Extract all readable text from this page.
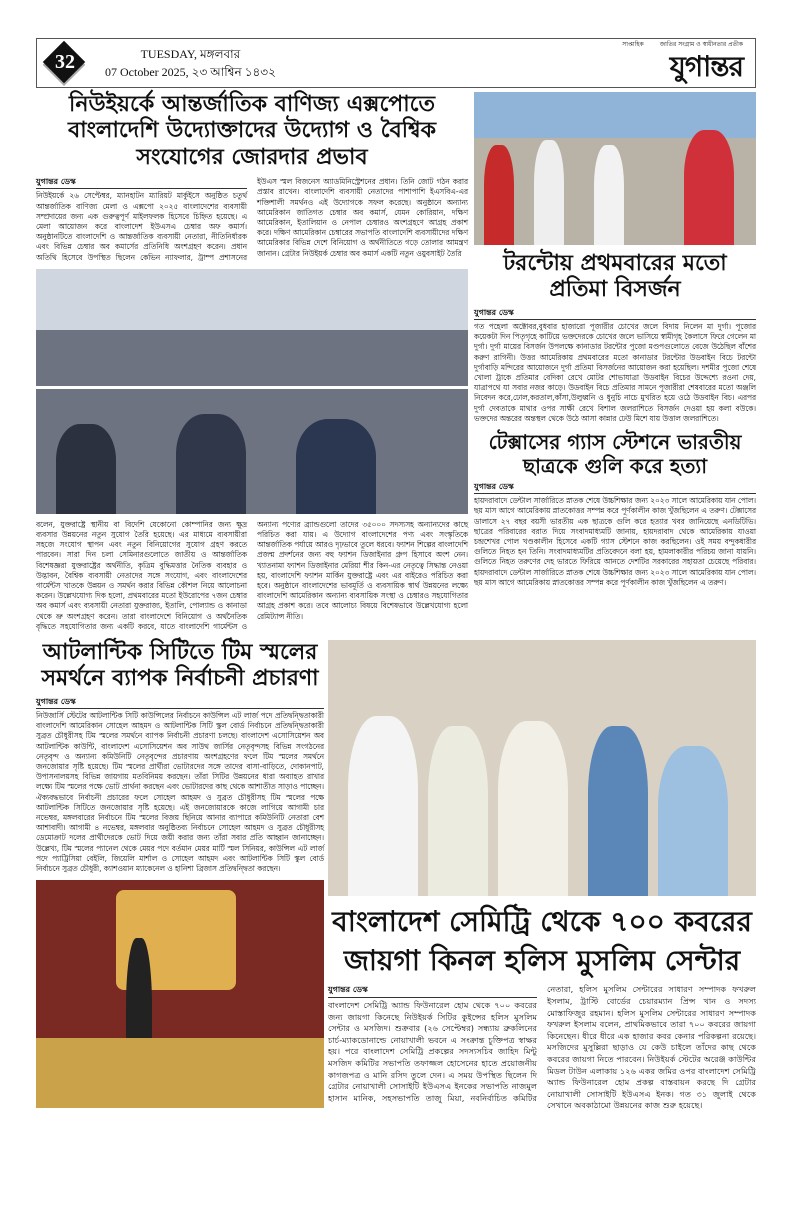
32	TUESDAY, মঙ্গলবার
07 October 2025, ২৩ আশ্বিন ১৪৩২
সাপ্তাহিক	জাতির সংগ্রাম ও স্বাধীনতার প্রতীক
যুগান্তর
নিউইয়র্কে আন্তর্জাতিক বাণিজ্য এক্সপোতে বাংলাদেশি উদ্যোক্তাদের উদ্যোগ ও বৈশ্বিক সংযোগের জোরদার প্রভাব
যুগান্তর ডেস্ক

নিউইয়র্কে ২৬ সেপ্টেম্বর, ম্যানহাটন ম্যারিয়ট মার্কুইসে অনুষ্ঠিত চতুর্থ আন্তর্জাতিক বাণিজ্য মেলা ও এক্সপো ২০২৫ বাংলাদেশের ব্যবসায়ী সম্প্রদায়ের জন্য এক গুরুত্বপূর্ণ মাইলফলক হিসেবে চিহ্নিত হয়েছে। এ মেলা আয়োজন করে বাংলাদেশ ইউএসএ চেম্বার অফ কমার্স। অনুষ্ঠানটিতে বাংলাদেশি ও আন্তর্জাতিক ব্যবসায়ী নেতারা, নীতিনির্ধারক এবং বিভিন্ন চেম্বার অব কমার্সের প্রতিনিধি অংশগ্রহণ করেন। প্রধান অতিথি হিসেবে উপস্থিত ছিলেন কেভিন ন্যাফলার, ট্রাম্প প্রশাসনের ইউএস স্মল বিজনেস অ্যাডমিনিস্ট্রেশনের প্রধান। তিনি জোট গঠন করার প্রস্তাব রাখেন। বাংলাদেশি ব্যবসায়ী নেতাদের পাশাপাশি ইএসবিএ-এর শক্তিশালী সমর্থনও এই উদ্যোগকে সফল করেছে। অনুষ্ঠানে অন্যান্য আমেরিকান জাতিগত চেম্বার অব কমার্স, যেমন কোরিয়ান, দক্ষিণ আমেরিকান, ইতালিয়ান ও নেপাল চেম্বারও অংশগ্রহণে আগ্রহ প্রকাশ করে। দক্ষিণ আমেরিকান চেম্বারের সভাপতি বাংলাদেশি ব্যবসায়ীদের দক্ষিণ আমেরিকার বিভিন্ন দেশে বিনিয়োগ ও অর্থনীতিতে গড়ে তোলার আমন্ত্রণ জানান। গ্রেটার নিউইয়র্ক চেম্বার অব কমার্স একটি নতুন ওয়ুবসাইট তৈরি

বলেন, যুক্তরাষ্ট্রে স্থানীয় বা বিদেশি যেকোনো কোম্পানির জন্য ক্ষুদ্র ব্যবসার উন্নয়নের নতুন সুযোগ তৈরি হয়েছে। এর মাধ্যমে ব্যবসায়ীরা সহজে সংযোগ স্থাপন এবং নতুন বিনিয়োগের সুযোগ গ্রহণ করতে পারবেন। সারা দিন চলা সেমিনারগুলোতে জাতীয় ও আন্তর্জাতিক বিশেষজ্ঞরা যুক্তরাষ্ট্রের অর্থনীতি, কৃত্রিম বুদ্ধিমত্তার নৈতিক ব্যবহার ও উদ্ভাবন, বৈশ্বিক ব্যবসায়ী নেতাদের সঙ্গে সংযোগ, এবং বাংলাদেশের গার্মেন্টস খাতকে উন্নয়ন ও সমর্থন করার বিভিন্ন কৌশল নিয়ে আলোচনা করেন। উল্লেখযোগ্য দিক হলো, প্রথমবারের মতো ইউরোপের ৭জন চেম্বার অব কমার্স এবং ব্যবসায়ী নেতারা যুক্তরাজ্য, ইতালি, পোল্যান্ড ও কানাডা থেকে ভ্রু অংশগ্রহণ করেন। তারা বাংলাদেশে বিনিয়োগ ও অর্থনৈতিক বৃদ্ধিতে সহযোগিতার জন্য একটি করবে, যাতে বাংলাদেশি গার্মেন্টস ও অন্যান্য পণ্যের ব্র্যান্ডগুলো তাদের ৩৫০০০ সদস্যসহ অন্যান্যদের কাছে পরিচিত করা যায়। এ উদ্যোগ বাংলাদেশের পণ্য এবং সংস্কৃতিকে আন্তর্জাতিক পর্যায়ে আরও দৃঢ়ভাবে তুলে ধরবে। ফ্যাশন শিল্পের বাংলাদেশি প্রজন্ম প্রদর্শনের জন্য বহু ফ্যাশন ডিজাইনার গ্রুপ হিসাবে অংশ নেন। খ্যাতনামা ফ্যাশন ডিজাইনার মেরিয়া শীর কিন-এর নেতৃত্বে সিদ্ধান্ত নেওয়া হয়, বাংলাদেশি ফ্যাশন মার্কিন যুক্তরাষ্ট্রে এবং এর বাইরেও পরিচিত করা হবে। অনুষ্ঠানে বাংলাদেশের ভাবমূর্তি ও ব্যবসায়িক স্বার্থ উন্নয়নের লক্ষ্যে বাংলাদেশি আমেরিকান অন্যান্য ব্যবসায়িক সংস্থা ও চেম্বারও সহযোগিতার আগ্রহ প্রকাশ করে। তবে আলোচ্য বিষয়ে বিশেষভাবে উল্লেখযোগ্য হলো রেমিট্যান্স নীতি।

টরন্টোয় প্রথমবারের মতো প্রতিমা বিসর্জন
যুগান্তর ডেস্ক

গত পহেলা অক্টোবর,বুধবার হাজারো পূজারীর চোখের জলে বিদায় নিলেন মা দুর্গা। পূজোর কয়েকটা দিন পিতৃগৃহে কাটিয়ে ভক্তদেরকে চোখের জলে ভাসিয়ে স্বামীগৃহ কৈলাসে ফিরে গেলেন মা দুর্গা। দুর্গা মায়ের বিসর্জন উপলক্ষে কানাডার টরন্টোর পুজো মণ্ডপগুলোতে বেজে উঠেছিল বাঁশের করুণ রাগিনী। উত্তর আমেরিকায় প্রথমবারের মতো কানাডার টরন্টোর উডবাইন বিচে টরন্টো দুর্গাবাড়ি মন্দিরের আয়োজনে দুর্গা প্রতিমা বিসর্জনের আয়োজন করা হয়েছিল। দশমীর পুজো শেষে খোলা ট্রাকে প্রতিমার বেদিকা রেখে মোটর শোভাযাত্রা উডবাইন বিচের উদ্দেশ্যে রওনা দেয়, যাত্রাপথে যা সবার নজর কাড়ে। উডবাইন বিচে প্রতিমার সামনে পূজারীরা শেষবারের মতো অঞ্জলি নিবেদন করে,ঢোল,করতাল,কাঁসা,উলুধ্বনি ও ধুনুচি নাচে মুখরিত হয়ে ওঠে উডবাইন বিচ। এরপর দুর্গা দেবতাকে মাথার ওপর সাক্ষী রেখে বিশাল জলরাশিতে বিসর্জন দেওয়া হয় কলা বউকে। ভক্তদের অন্তরের অন্তস্থল থেকে উঠে আসা কান্নার ঢেউ মিশে যায় উত্তাল জলরাশিতে।

টেক্সাসের গ্যাস স্টেশনে ভারতীয় ছাত্রকে গুলি করে হত্যা
যুগান্তর ডেস্ক

হায়দরাবাদে ডেন্টাল সার্জারিতে স্নাতক শেষে উচ্চশিক্ষার জন্য ২০২৩ সালে আমেরিকায় যান পোল। ছয় মাস আগে আমেরিকায় স্নাতকোত্তর সম্পন্ন করে পূর্ণকালীন কাজ খুঁজছিলেন এ তরুণ। টেক্সাসের ডালাসে ২৭ বছর বয়সী ভারতীয় এক ছাত্রকে গুলি করে হত্যার খবর জানিয়েছে এনডিটিভি। ছাত্রের পরিবারের বরাত দিয়ে সংবাদমাধ্যমটি জানায়, হায়দরাবাদ থেকে আমেরিকায় যাওয়া চন্দ্রশেখর পোল খণ্ডকালীন হিসেবে একটি গ্যাস স্টেশনে কাজ করছিলেন। ওই সময় বন্দুকধারীর গুলিতে নিহত হন তিনি। সংবাদমাধ্যমটির প্রতিবেদনে বলা হয়, হামলাকারীর পরিচয় জানা যায়নি। গুলিতে নিহত তরুণের দেহ ভারতে ফিরিয়ে আনতে দেশটির সরকারের সহায়তা চেয়েছে পরিবার। হায়দরাবাদে ডেন্টাল সার্জারিতে স্নাতক শেষে উচ্চশিক্ষার জন্য ২০২৩ সালে আমেরিকায় যান পোল। ছয় মাস আগে আমেরিকায় স্নাতকোত্তর সম্পন্ন করে পূর্ণকালীন কাজ খুঁজছিলেন এ তরুণ।

আটলান্টিক সিটিতে টিম স্মলের সমর্থনে ব্যাপক নির্বাচনী প্রচারণা
যুগান্তর ডেস্ক

নিউজার্সি স্টেটের আটলান্টিক সিটি কাউন্সিলের নির্বাচনে কাউন্সিল এট লার্জ পদে প্রতিদ্বন্দ্বিতাকারী বাংলাদেশি আমেরিকান সোহেল আহমদ ও আটলান্টিক সিটি স্কুল বোর্ড নির্বাচনে প্রতিদ্বন্দ্বিতাকারী সুব্রত চৌধুরীসহ টিম স্মলের সমর্থনে ব্যাপক নির্বাচনী প্রচারণা চলছে। বাংলাদেশ এসোসিয়েশন অব আটলান্টিক কাউন্টি, বাংলাদেশ এসোসিয়েশন অব সাউথ জার্সির নেতৃবৃন্দসহ বিভিন্ন সংগঠনের নেতৃবৃন্দ ও অন্যান্য কমিউনিটি নেতৃবৃন্দের প্রচারণায় অংশগ্রহণের ফলে টিম স্মলের সমর্থনে জনজোয়ার সৃষ্টি হয়েছে। টিম স্মলের প্রার্থীরা ভোটারদের সঙ্গে তাদের বাসা-বাড়িতে, দোকানপাট, উপাসনালয়সহ বিভিন্ন জায়গায় মতবিনিময় করছেন। তাঁরা সিটির উন্নয়নের ধারা অব্যাহত রাখার লক্ষ্যে টিম স্মলের পক্ষে ভোট প্রার্থনা করছেন এবং ভোটারদের কাছ থেকে আশাতীত সাড়াও পাচ্ছেন। ঐক্যবদ্ধভাবে নির্বাচনী প্রচারের ফলে সোহেল আহমদ ও সুব্রত চৌধুরীসহ টিম স্মলের পক্ষে আটলান্টিক সিটিতে জনজোয়ার সৃষ্টি হয়েছে। এই জনজোয়ারকে কাজে লাগিয়ে আগামী চার নভেম্বর, মঙ্গলবারের নির্বাচনে টিম স্মলের বিজয় ছিনিয়ে আনার ব্যাপারে কমিউনিটি নেতারা বেশ আশাবাদী। আগামী ৪ নভেম্বর, মঙ্গলবার অনুষ্ঠিতব্য নির্বাচনে সোহেল আহমদ ও সুব্রত চৌধুরীসহ ডেমোক্রাট দলের প্রার্থীদেরকে ভোট দিয়ে জয়ী করার জন্য তাঁরা সবার প্রতি আহ্বান জানাচ্ছেন। উল্লেখ্য, টিম স্মলের প্যানেল থেকে মেয়র পদে বর্তমান মেয়র মার্টি স্মল সিনিয়র, কাউন্সিল এট লার্জ পদে প্যাট্রিসিয়া বেইলি, জিয়েলি মার্শাল ও সোহেল আহমদ এবং আটলান্টিক সিটি স্কুল বোর্ড নির্বাচনে সুব্রত চৌধুরী, ক্যাশওয়ান ম্যাকেনেল ও হানিশা ব্রিজাস প্রতিদ্বন্দ্বিতা করছেন।

বাংলাদেশ সেমিট্রি থেকে ৭০০ কবরের জায়গা কিনল হলিস মুসলিম সেন্টার
যুগান্তর ডেস্ক

বাংলাদেশ সেমিট্রি অ্যান্ড ফিউনারেল হোম থেকে ৭০০ কবরের জন্য জায়গা কিনেছে নিউইয়র্ক সিটির কুইন্সের হলিস মুসলিম সেন্টার ও মসজিদ। শুক্রবার (২৬ সেপ্টেম্বর) সন্ধ্যায় ব্রুকলিনের চার্চ-ম্যাকডোনাল্ডে নোয়াখালী ভবনে এ সংক্রান্ত চুক্তিপত্র স্বাক্ষর হয়। পরে বাংলাদেশ সেমিট্রি প্রকল্পের সদস্যসচিব জাহিদ মিন্টু মসজিদ কমিটির সভাপতি তফাজ্জল হোসেনের হাতে প্রয়োজনীয় কাগজপত্র ও মানি রসিদ তুলে দেন। এ সময় উপস্থিত ছিলেন দি গ্রেটার নোয়াখালী সোসাইটি ইউএসএ ইনকের সভাপতি নাজমুল হাসান মানিক, সহসভাপতি তাজু মিয়া, নবনির্বাচিত কমিটির নেতারা, হলিস মুসলিম সেন্টারের সাধারণ সম্পাদক ফখরুল ইসলাম, ট্রাস্টি বোর্ডের চেয়ারম্যান প্রিন্স খান ও সদস্য মোস্তাফিজুর রহমান। হলিস মুসলিম সেন্টারের সাধারণ সম্পাদক ফখরুল ইসলাম বলেন, প্রাথমিকভাবে তারা ৭০০ কবরের জায়গা কিনেছেন। ধীরে ধীরে এক হাজার কবর কেনার পরিকল্পনা রয়েছে। মসজিদের মুসুল্লিরা ছাড়াও যে কেউ চাইলে তাঁদের কাছ থেকে কবরের জায়গা নিতে পারবেন। নিউইয়র্ক স্টেটের অরেঞ্জ কাউন্টির মিডল টাউন এলাকায় ১২৬ একর জমির ওপর বাংলাদেশ সেমিট্রি অ্যান্ড ফিউনারেল হোম প্রকল্প বাস্তবায়ন করছে দি গ্রেটার নোয়াখালী সোসাইটি ইউএসএ ইনক। গত ৩১ জুলাই থেকে সেখানে অবকাঠামো উন্নয়নের কাজ শুরু হয়েছে।
